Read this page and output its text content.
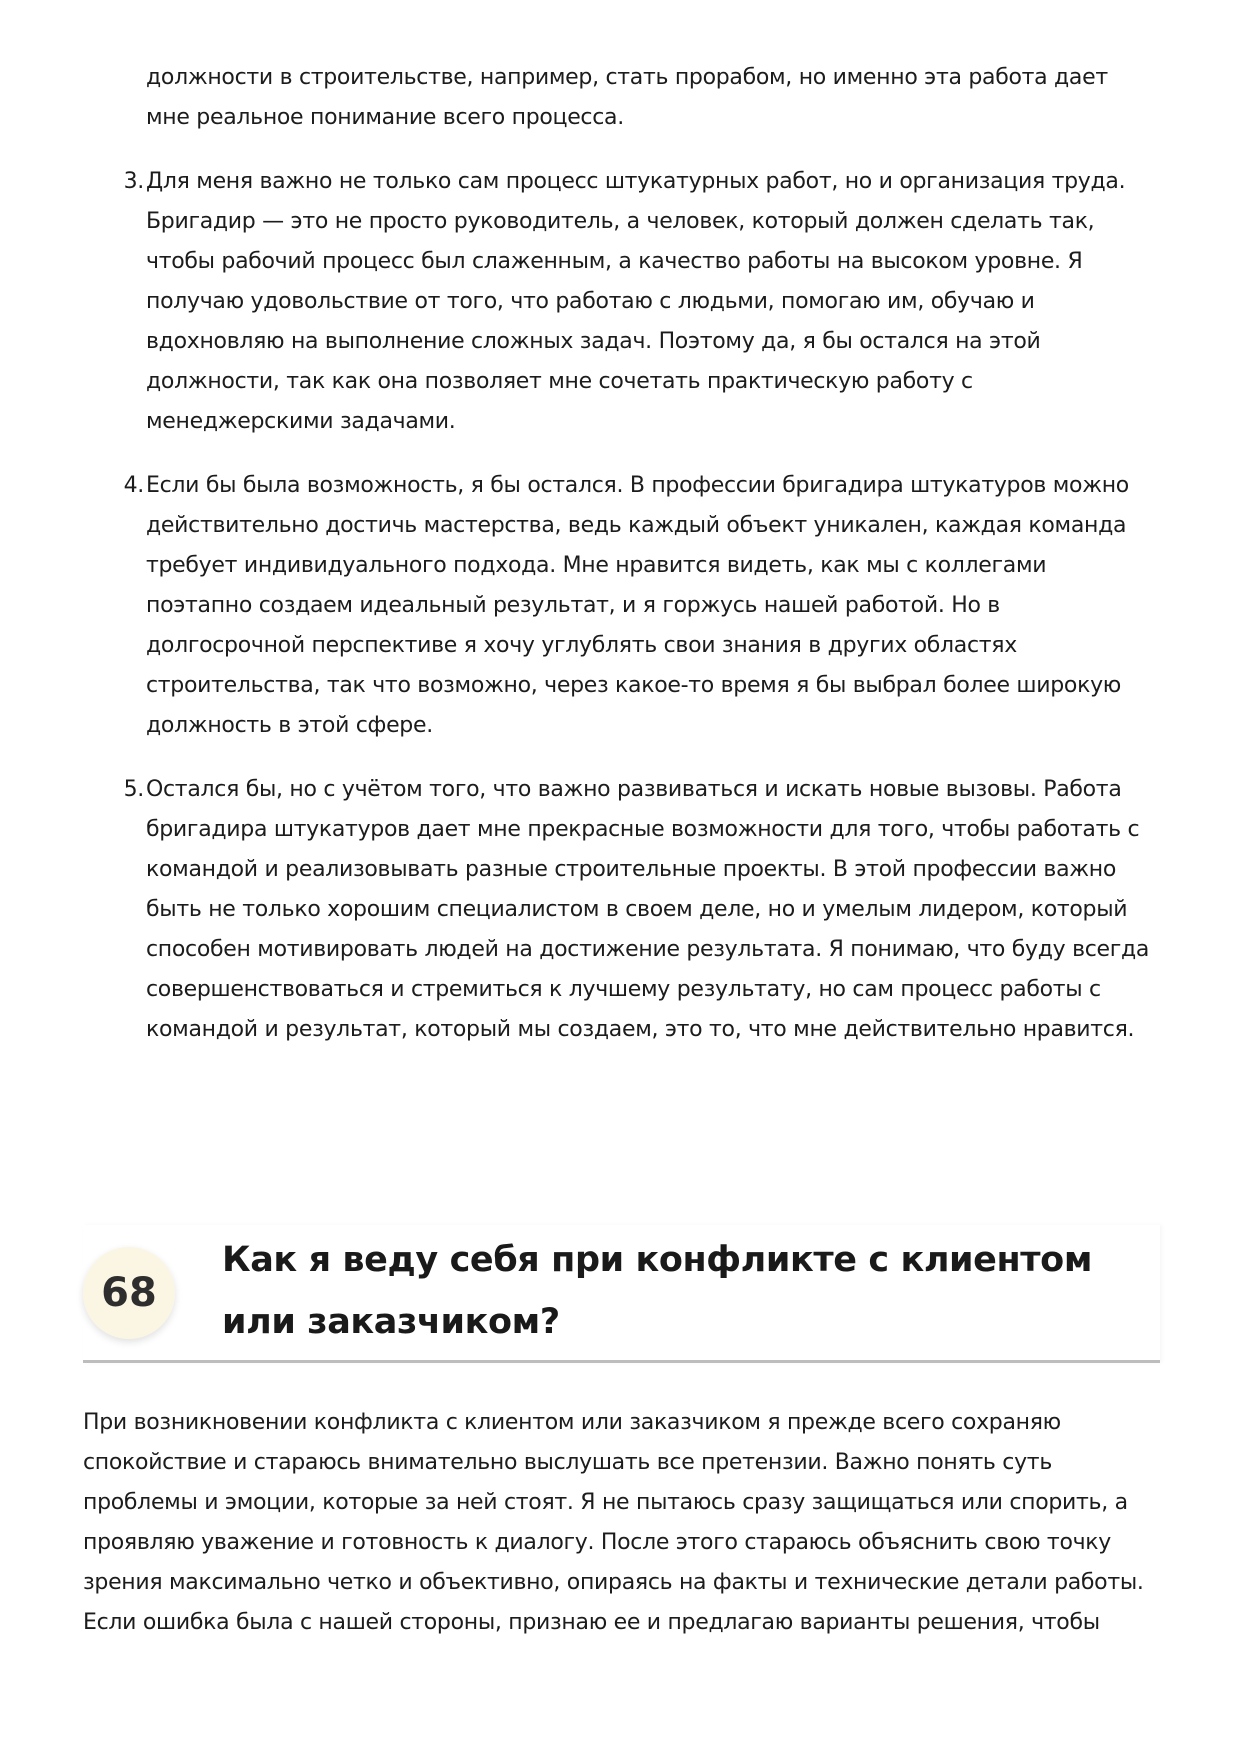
должности в строительстве, например, стать прорабом, но именно эта работа дает мне реальное понимание всего процесса.

3. Для меня важно не только сам процесс штукатурных работ, но и организация труда. Бригадир — это не просто руководитель, а человек, который должен сделать так, чтобы рабочий процесс был слаженным, а качество работы на высоком уровне. Я получаю удовольствие от того, что работаю с людьми, помогаю им, обучаю и вдохновляю на выполнение сложных задач. Поэтому да, я бы остался на этой должности, так как она позволяет мне сочетать практическую работу с менеджерскими задачами.
4. Если бы была возможность, я бы остался. В профессии бригадира штукатуров можно действительно достичь мастерства, ведь каждый объект уникален, каждая команда требует индивидуального подхода. Мне нравится видеть, как мы с коллегами поэтапно создаем идеальный результат, и я горжусь нашей работой. Но в долгосрочной перспективе я хочу углублять свои знания в других областях строительства, так что возможно, через какое-то время я бы выбрал более широкую должность в этой сфере.
5. Остался бы, но с учётом того, что важно развиваться и искать новые вызовы. Работа бригадира штукатуров дает мне прекрасные возможности для того, чтобы работать с командой и реализовывать разные строительные проекты. В этой профессии важно быть не только хорошим специалистом в своем деле, но и умелым лидером, который способен мотивировать людей на достижение результата. Я понимаю, что буду всегда совершенствоваться и стремиться к лучшему результату, но сам процесс работы с командой и результат, который мы создаем, это то, что мне действительно нравится.
68
Как я веду себя при конфликте с клиентом или заказчиком?

При возникновении конфликта с клиентом или заказчиком я прежде всего сохраняю спокойствие и стараюсь внимательно выслушать все претензии. Важно понять суть проблемы и эмоции, которые за ней стоят. Я не пытаюсь сразу защищаться или спорить, а проявляю уважение и готовность к диалогу. После этого стараюсь объяснить свою точку зрения максимально четко и объективно, опираясь на факты и технические детали работы. Если ошибка была с нашей стороны, признаю ее и предлагаю варианты решения, чтобы
